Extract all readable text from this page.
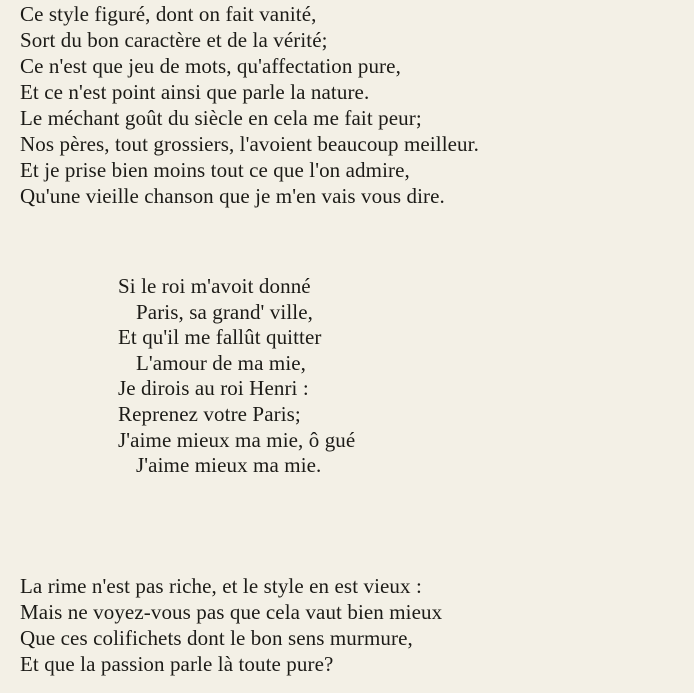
Ce style figuré, dont on fait vanité,
Sort du bon caractère et de la vérité;
Ce n'est que jeu de mots, qu'affectation pure,
Et ce n'est point ainsi que parle la nature.
Le méchant goût du siècle en cela me fait peur;
Nos pères, tout grossiers, l'avoient beaucoup meilleur.
Et je prise bien moins tout ce que l'on admire,
Qu'une vieille chanson que je m'en vais vous dire.
Si le roi m'avoit donné
Paris, sa grand' ville,
Et qu'il me fallût quitter
L'amour de ma mie,
Je dirois au roi Henri :
Reprenez votre Paris;
J'aime mieux ma mie, ô gué
J'aime mieux ma mie.
La rime n'est pas riche, et le style en est vieux :
Mais ne voyez-vous pas que cela vaut bien mieux
Que ces colifichets dont le bon sens murmure,
Et que la passion parle là toute pure?
